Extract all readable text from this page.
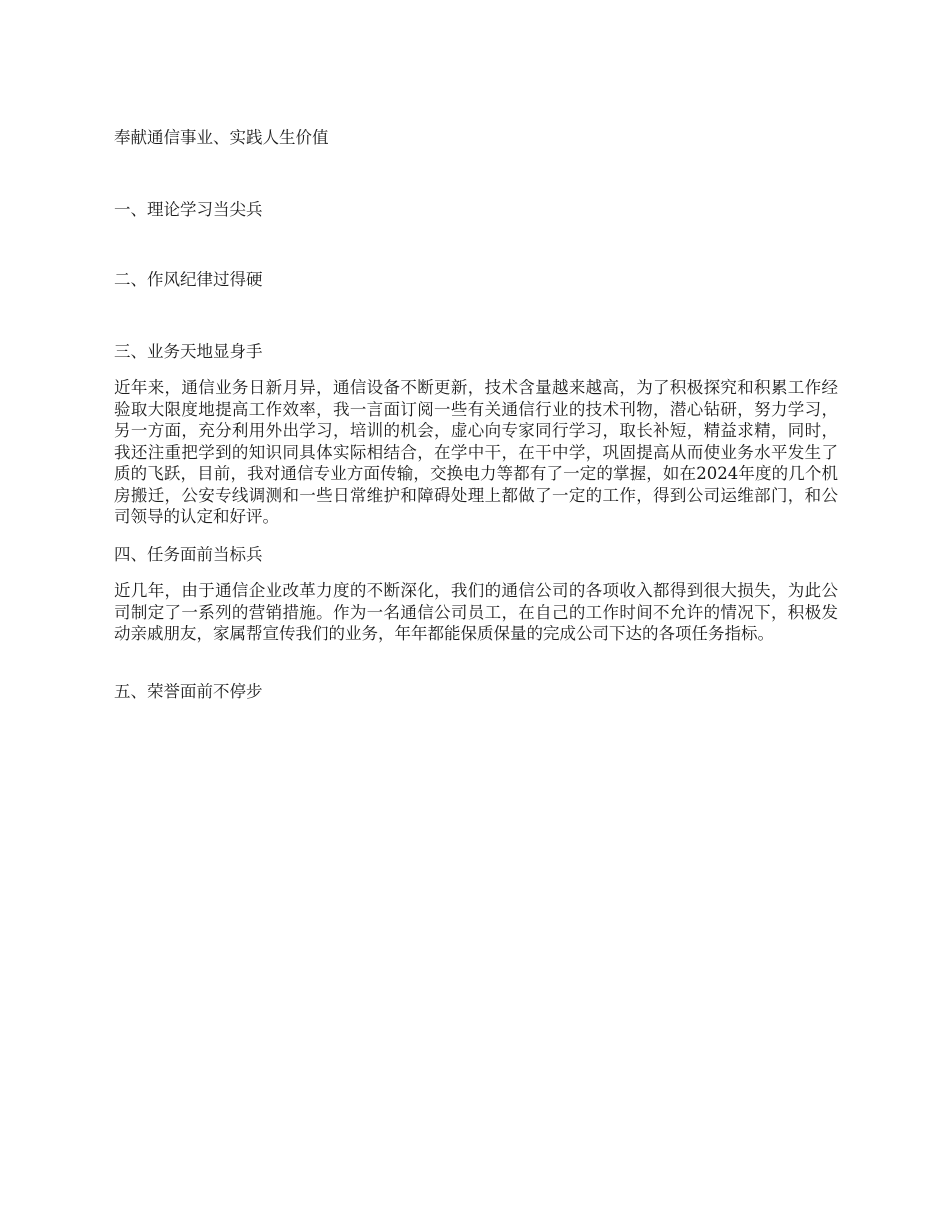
奉献通信事业、实践人生价值
一、理论学习当尖兵
二、作风纪律过得硬
三、业务天地显身手
近年来，通信业务日新月异，通信设备不断更新，技术含量越来越高，为了积极探究和积累工作经验取大限度地提高工作效率，我一言面订阅一些有关通信行业的技术刊物，潜心钻研，努力学习，另一方面，充分利用外出学习，培训的机会，虚心向专家同行学习，取长补短，精益求精，同时，我还注重把学到的知识同具体实际相结合，在学中干，在干中学，巩固提高从而使业务水平发生了质的飞跃，目前，我对通信专业方面传输，交换电力等都有了一定的掌握，如在2024年度的几个机房搬迁，公安专线调测和一些日常维护和障碍处理上都做了一定的工作，得到公司运维部门，和公司领导的认定和好评。
四、任务面前当标兵
近几年，由于通信企业改革力度的不断深化，我们的通信公司的各项收入都得到很大损失，为此公司制定了一系列的营销措施。作为一名通信公司员工，在自己的工作时间不允许的情况下，积极发动亲戚朋友，家属帮宣传我们的业务，年年都能保质保量的完成公司下达的各项任务指标。
五、荣誉面前不停步
